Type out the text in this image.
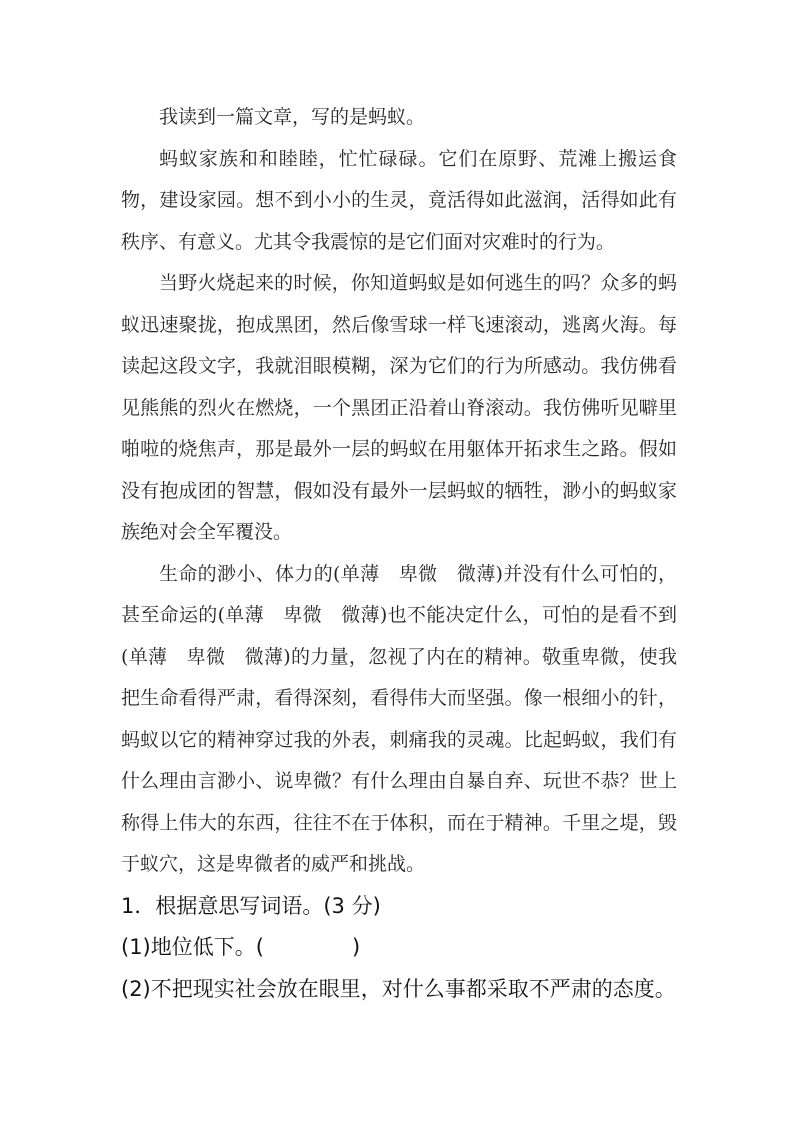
我读到一篇文章，写的是蚂蚁。

蚂蚁家族和和睦睦，忙忙碌碌。它们在原野、荒滩上搬运食物，建设家园。想不到小小的生灵，竟活得如此滋润，活得如此有秩序、有意义。尤其令我震惊的是它们面对灾难时的行为。

当野火烧起来的时候，你知道蚂蚁是如何逃生的吗？众多的蚂蚁迅速聚拢，抱成黑团，然后像雪球一样飞速滚动，逃离火海。每读起这段文字，我就泪眼模糊，深为它们的行为所感动。我仿佛看见熊熊的烈火在燃烧，一个黑团正沿着山脊滚动。我仿佛听见噼里啪啦的烧焦声，那是最外一层的蚂蚁在用躯体开拓求生之路。假如没有抱成团的智慧，假如没有最外一层蚂蚁的牺牲，渺小的蚂蚁家族绝对会全军覆没。

生命的渺小、体力的(单薄　卑微　微薄)并没有什么可怕的，甚至命运的(单薄　卑微　微薄)也不能决定什么，可怕的是看不到(单薄　卑微　微薄)的力量，忽视了内在的精神。敬重卑微，使我把生命看得严肃，看得深刻，看得伟大而坚强。像一根细小的针，蚂蚁以它的精神穿过我的外表，刺痛我的灵魂。比起蚂蚁，我们有什么理由言渺小、说卑微？有什么理由自暴自弃、玩世不恭？世上称得上伟大的东西，往往不在于体积，而在于精神。千里之堤，毁于蚁穴，这是卑微者的威严和挑战。

1．根据意思写词语。(3 分)

(1)地位低下。(	)

(2)不把现实社会放在眼里，对什么事都采取不严肃的态度。
